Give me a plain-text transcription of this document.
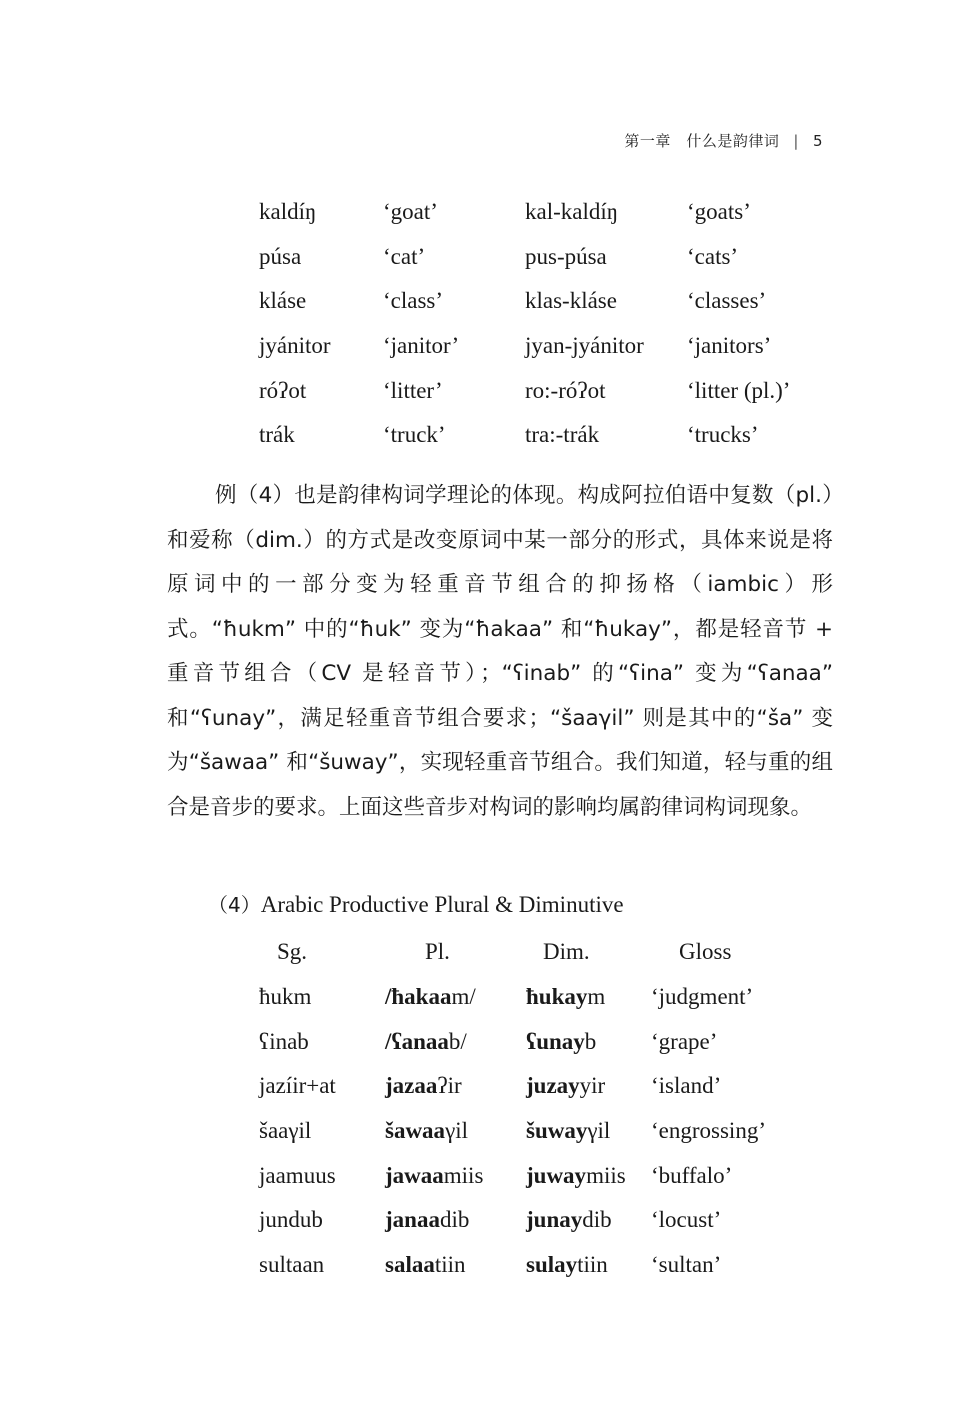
第一章　什么是韵律词 | 5
kaldíŋ	‘goat’	kal-kaldíŋ	‘goats’
púsa	‘cat’	pus-púsa	‘cats’
kláse	‘class’	klas-kláse	‘classes’
jyánitor	‘janitor’	jyan-jyánitor	‘janitors’
róʔot	‘litter’	ro:-róʔot	‘litter (pl.)’
trák	‘truck’	tra:-trák	‘trucks’

例（4）也是韵律构词学理论的体现。构成阿拉伯语中复数（pl.）和爱称（dim.）的方式是改变原词中某一部分的形式，具体来说是将原词中的一部分变为轻重音节组合的抑扬格（iambic）形式。“ħukm” 中的“ħuk” 变为“ħakaa” 和“ħukay”，都是轻音节 + 重音节组合（CV 是轻音节）；“ʕinab” 的“ʕina” 变为“ʕanaa” 和“ʕunay”，满足轻重音节组合要求；“šaaγil” 则是其中的“ša” 变为“šawaa” 和“šuway”，实现轻重音节组合。我们知道，轻与重的组合是音步的要求。上面这些音步对构词的影响均属韵律词构词现象。

（4）Arabic Productive Plural & Diminutive
Sg.	Pl.	Dim.	Gloss
ħukm	/ħakaam/	ħukaym	‘judgment’
ʕinab	/ʕanaab/	ʕunayb	‘grape’
jazíir+at	jazaaʔir	juzayyir	‘island’
šaaγil	šawaaγil	šuwayγil	‘engrossing’
jaamuus	jawaamiis	juwaymiis	‘buffalo’
jundub	janaadib	junaydib	‘locust’
sultaan	salaatiin	sulaytiin	‘sultan’
